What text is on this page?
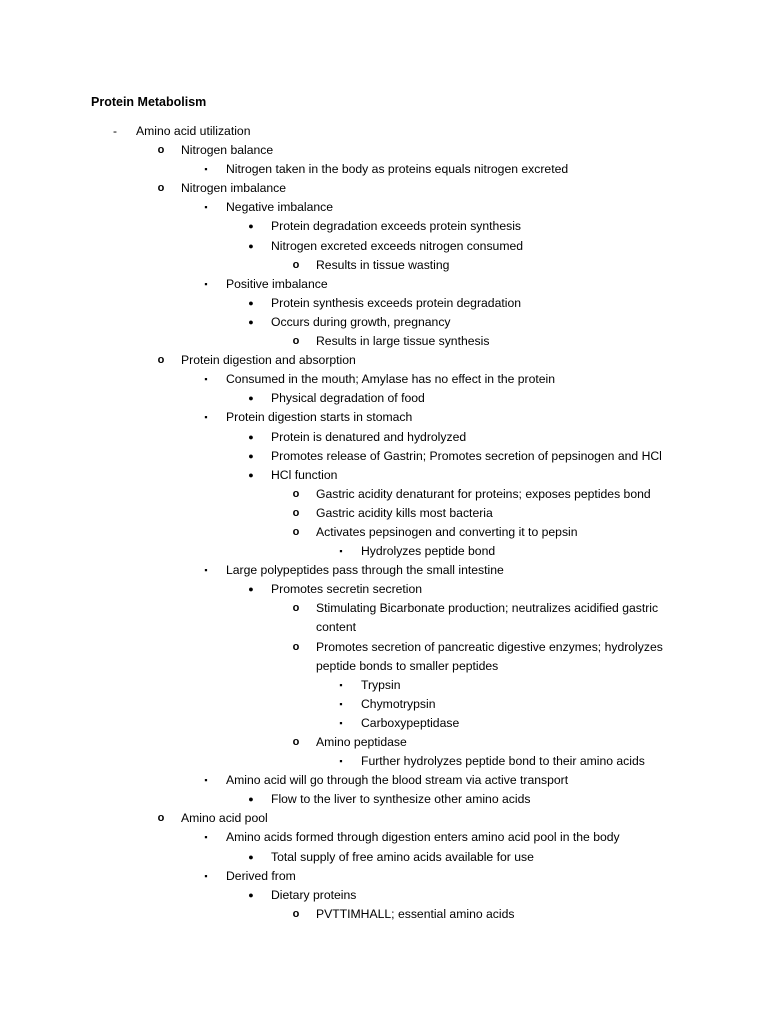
Protein Metabolism
-	Amino acid utilization
o Nitrogen balance
▪	Nitrogen taken in the body as proteins equals nitrogen excreted
o Nitrogen imbalance
▪	Negative imbalance
● Protein degradation exceeds protein synthesis
● Nitrogen excreted exceeds nitrogen consumed
o Results in tissue wasting
▪	Positive imbalance
● Protein synthesis exceeds protein degradation
● Occurs during growth, pregnancy
o Results in large tissue synthesis
o Protein digestion and absorption
▪	Consumed in the mouth; Amylase has no effect in the protein
● Physical degradation of food
▪	Protein digestion starts in stomach
● Protein is denatured and hydrolyzed
● Promotes release of Gastrin; Promotes secretion of pepsinogen and HCl
● HCl function
o Gastric acidity denaturant for proteins; exposes peptides bond
o Gastric acidity kills most bacteria
o Activates pepsinogen and converting it to pepsin
▪	Hydrolyzes peptide bond
▪	Large polypeptides pass through the small intestine
● Promotes secretin secretion
o Stimulating Bicarbonate production; neutralizes acidified gastric
content
o Promotes secretion of pancreatic digestive enzymes; hydrolyzes
peptide bonds to smaller peptides
▪	Trypsin
▪	Chymotrypsin
▪	Carboxypeptidase
o Amino peptidase
▪	Further hydrolyzes peptide bond to their amino acids
▪	Amino acid will go through the blood stream via active transport
● Flow to the liver to synthesize other amino acids
o Amino acid pool
▪	Amino acids formed through digestion enters amino acid pool in the body
● Total supply of free amino acids available for use
▪	Derived from
● Dietary proteins
o PVTTIMHALL; essential amino acids
